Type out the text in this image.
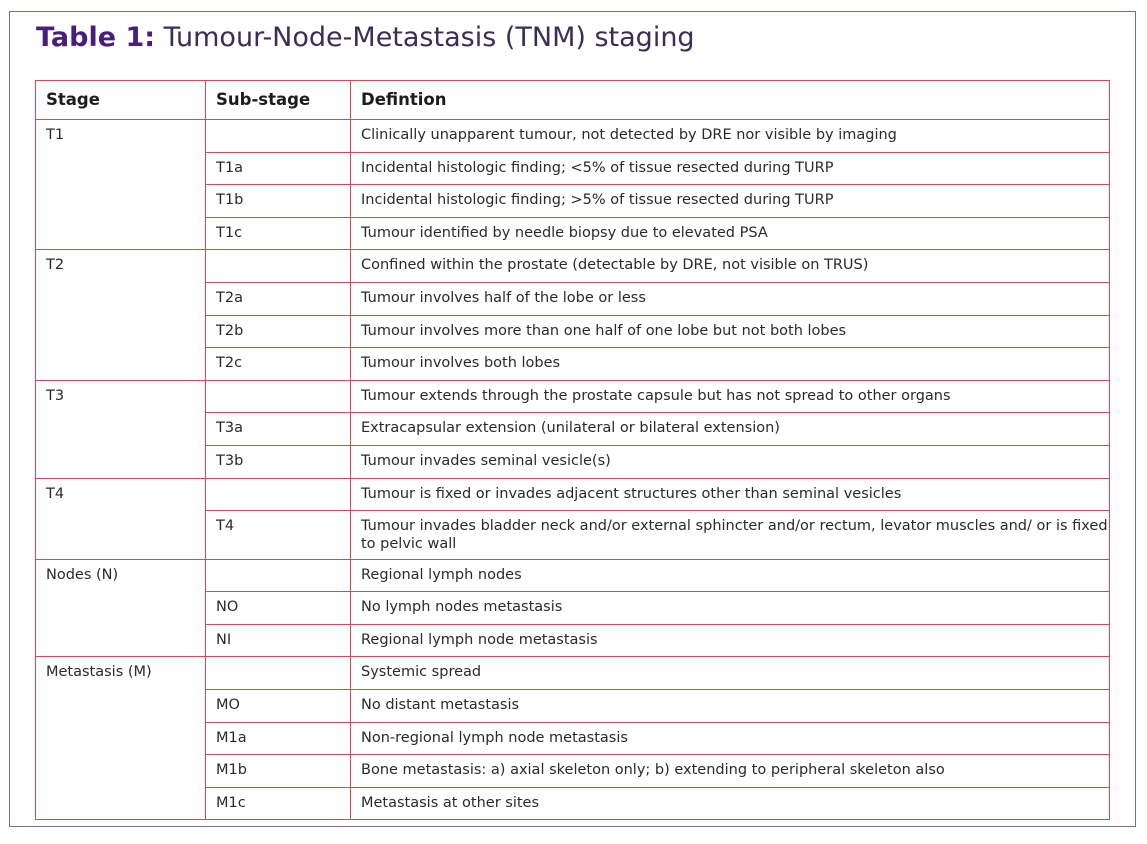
Table 1: Tumour-Node-Metastasis (TNM) staging
Stage	Sub-stage	Defintion
T1		Clinically unapparent tumour, not detected by DRE nor visible by imaging
	T1a	Incidental histologic finding; <5% of tissue resected during TURP
	T1b	Incidental histologic finding; >5% of tissue resected during TURP
	T1c	Tumour identified by needle biopsy due to elevated PSA
T2		Confined within the prostate (detectable by DRE, not visible on TRUS)
	T2a	Tumour involves half of the lobe or less
	T2b	Tumour involves more than one half of one lobe but not both lobes
	T2c	Tumour involves both lobes
T3		Tumour extends through the prostate capsule but has not spread to other organs
	T3a	Extracapsular extension (unilateral or bilateral extension)
	T3b	Tumour invades seminal vesicle(s)
T4		Tumour is fixed or invades adjacent structures other than seminal vesicles
	T4	Tumour invades bladder neck and/or external sphincter and/or rectum, levator muscles and/ or is fixed to pelvic wall
Nodes (N)		Regional lymph nodes
	NO	No lymph nodes metastasis
	NI	Regional lymph node metastasis
Metastasis (M)		Systemic spread
	MO	No distant metastasis
	M1a	Non-regional lymph node metastasis
	M1b	Bone metastasis: a) axial skeleton only; b) extending to peripheral skeleton also
	M1c	Metastasis at other sites
